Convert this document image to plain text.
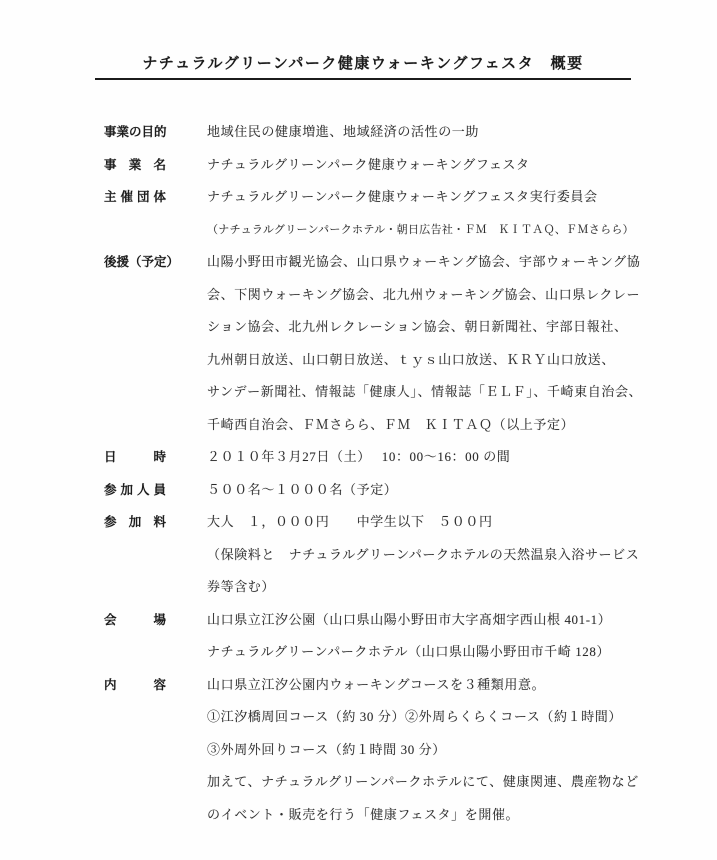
ナチュラルグリーンパーク健康ウォーキングフェスタ　概要
事業の目的	地域住民の健康増進、地域経済の活性の一助
事業名	ナチュラルグリーンパーク健康ウォーキングフェスタ
主催団体	ナチュラルグリーンパーク健康ウォーキングフェスタ実行委員会
（ナチュラルグリーンパークホテル・朝日広告社・ＦＭ　ＫＩＴＡＱ、ＦＭさらら）
後援（予定） 山陽小野田市観光協会、山口県ウォーキング協会、宇部ウォーキング協
会、下関ウォーキング協会、北九州ウォーキング協会、山口県レクレー
ション協会、北九州レクレーション協会、朝日新聞社、宇部日報社、
九州朝日放送、山口朝日放送、ｔｙｓ山口放送、ＫＲＹ山口放送、
サンデー新聞社、情報誌「健康人」、情報誌「ＥＬＦ」、千崎東自治会、
千崎西自治会、ＦＭさらら、ＦＭ　ＫＩＴＡＱ（以上予定）
日時	２０１０年３月27日（土）　 10：00～16：00 の間
参加人員	５００名～１０００名（予定）
参加料	大人　１，０００円　　中学生以下　５００円
（保険料と　ナチュラルグリーンパークホテルの天然温泉入浴サービス
券等含む）
会場	山口県立江汐公園（山口県山陽小野田市大字髙畑字西山根 401-1）
ナチュラルグリーンパークホテル（山口県山陽小野田市千崎 128）
内容	山口県立江汐公園内ウォーキングコースを３種類用意。
①江汐橋周回コース（約 30 分）②外周らくらくコース（約１時間）
③外周外回りコース（約１時間 30 分）
加えて、ナチュラルグリーンパークホテルにて、健康関連、農産物など
のイベント・販売を行う「健康フェスタ」を開催。
